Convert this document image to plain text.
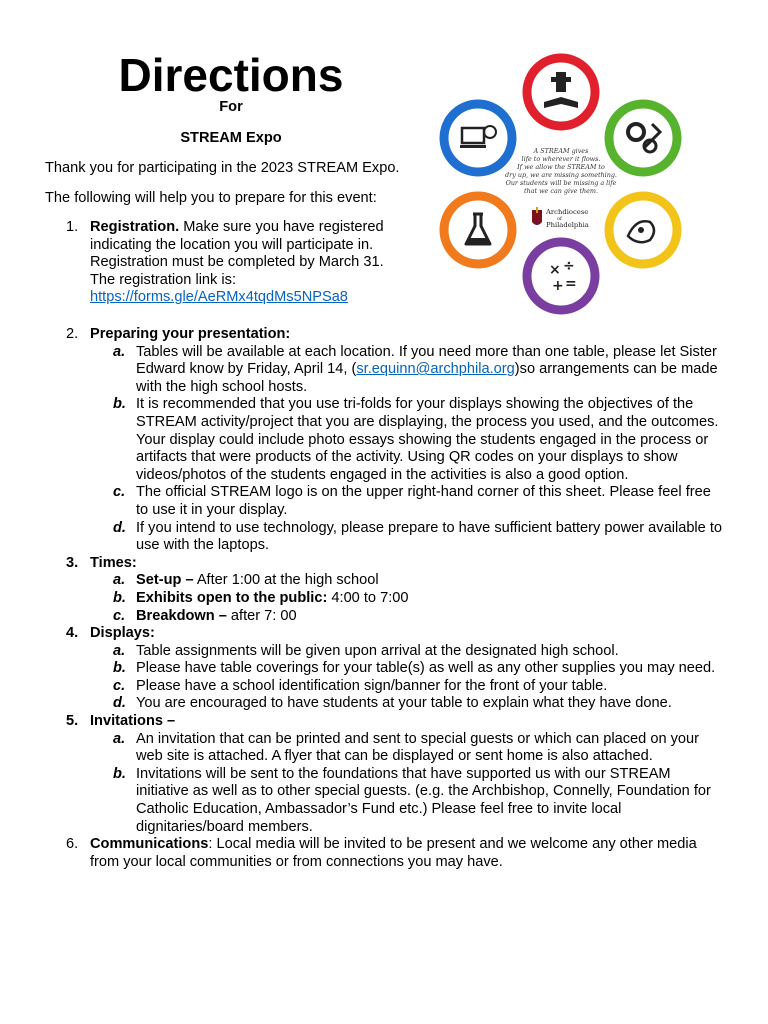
Directions
For
STREAM Expo
Thank you for participating in the 2023 STREAM Expo.
The following will help you to prepare for this event:
1. Registration. Make sure you have registered indicating the location you will participate in. Registration must be completed by March 31. The registration link is:
https://forms.gle/AeRMx4tqdMs5NPSa8
× ÷
+ =
A STREAM gives
life to wherever it flows.
If we allow the STREAM to
dry up, we are missing something.
Our students will be missing a life
that we can give them.
Archdiocese
of
Philadelphia
2. Preparing your presentation:
a. Tables will be available at each location. If you need more than one table, please let Sister Edward know by Friday, April 14, (sr.equinn@archphila.org)so arrangements can be made with the high school hosts.
b. It is recommended that you use tri-folds for your displays showing the objectives of the STREAM activity/project that you are displaying, the process you used, and the outcomes. Your display could include photo essays showing the students engaged in the process or artifacts that were products of the activity. Using QR codes on your displays to show videos/photos of the students engaged in the activities is also a good option.
c. The official STREAM logo is on the upper right-hand corner of this sheet. Please feel free to use it in your display.
d. If you intend to use technology, please prepare to have sufficient battery power available to use with the laptops.
3. Times:
a. Set-up – After 1:00 at the high school
b. Exhibits open to the public: 4:00 to 7:00
c. Breakdown – after 7: 00
4. Displays:
a. Table assignments will be given upon arrival at the designated high school.
b. Please have table coverings for your table(s) as well as any other supplies you may need.
c. Please have a school identification sign/banner for the front of your table.
d. You are encouraged to have students at your table to explain what they have done.
5. Invitations –
a. An invitation that can be printed and sent to special guests or which can placed on your web site is attached. A flyer that can be displayed or sent home is also attached.
b. Invitations will be sent to the foundations that have supported us with our STREAM initiative as well as to other special guests. (e.g. the Archbishop, Connelly, Foundation for Catholic Education, Ambassador’s Fund etc.) Please feel free to invite local dignitaries/board members.
6. Communications: Local media will be invited to be present and we welcome any other media from your local communities or from connections you may have.
